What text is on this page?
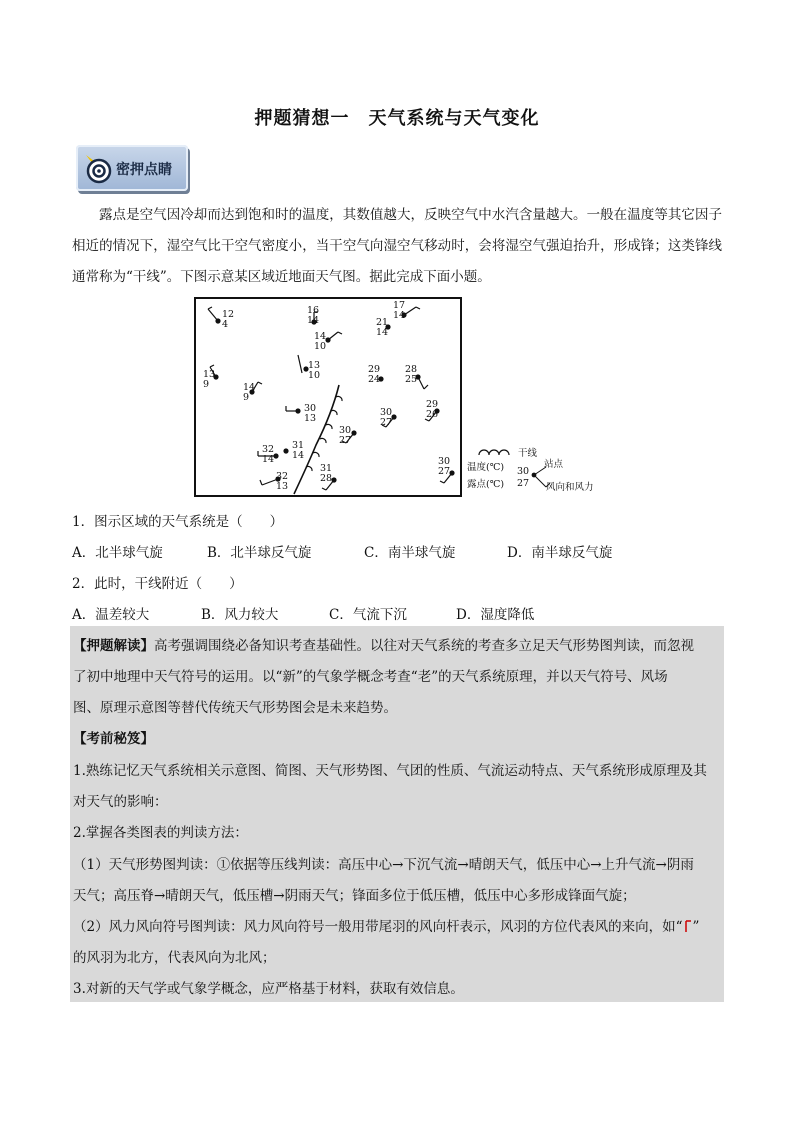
押题猜想一　天气系统与天气变化
密押点睛
露点是空气因冷却而达到饱和时的温度，其数值越大，反映空气中水汽含量越大。一般在温度等其它因子相近的情况下，湿空气比干空气密度小，当干空气向湿空气移动时，会将湿空气强迫抬升，形成锋；这类锋线通常称为“干线”。下图示意某区域近地面天气图。据此完成下面小题。
12
4
16
14
17
14
21
14
14
10
13
10
13
9	14
9
29
24
28
25
30
13
30
27
29
26
30
27
31
14
32
14
32
13
31
28
30
27
干线
温度(℃)
露点(℃)
30
27
站点
风向和风力
1．图示区域的天气系统是（　　）
A．北半球气旋	B．北半球反气旋	C．南半球气旋	D．南半球反气旋
2．此时，干线附近（　　）
A．温差较大	B．风力较大	C．气流下沉	D．湿度降低
【押题解读】高考强调围绕必备知识考查基础性。以往对天气系统的考查多立足天气形势图判读，而忽视
了初中地理中天气符号的运用。以“新”的气象学概念考查“老”的天气系统原理，并以天气符号、风场
图、原理示意图等替代传统天气形势图会是未来趋势。
【考前秘笈】
1.熟练记忆天气系统相关示意图、简图、天气形势图、气团的性质、气流运动特点、天气系统形成原理及其
对天气的影响：
2.掌握各类图表的判读方法：
（1）天气形势图判读：①依据等压线判读：高压中心→下沉气流→晴朗天气，低压中心→上升气流→阴雨
天气；高压脊→晴朗天气，低压槽→阴雨天气；锋面多位于低压槽，低压中心多形成锋面气旋；
（2）风力风向符号图判读：风力风向符号一般用带尾羽的风向杆表示，风羽的方位代表风的来向，如“ ”
的风羽为北方，代表风向为北风；
3.对新的天气学或气象学概念，应严格基于材料，获取有效信息。
